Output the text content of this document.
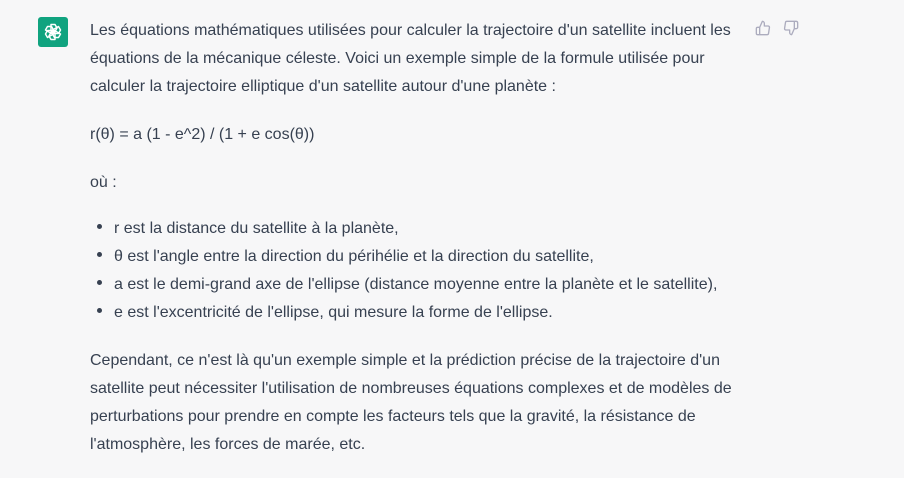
Les équations mathématiques utilisées pour calculer la trajectoire d'un satellite incluent les équations de la mécanique céleste. Voici un exemple simple de la formule utilisée pour calculer la trajectoire elliptique d'un satellite autour d'une planète :

r(θ) = a (1 - e^2) / (1 + e cos(θ))

où :

r est la distance du satellite à la planète,
θ est l'angle entre la direction du périhélie et la direction du satellite,
a est le demi-grand axe de l'ellipse (distance moyenne entre la planète et le satellite),
e est l'excentricité de l'ellipse, qui mesure la forme de l'ellipse.

Cependant, ce n'est là qu'un exemple simple et la prédiction précise de la trajectoire d'un satellite peut nécessiter l'utilisation de nombreuses équations complexes et de modèles de perturbations pour prendre en compte les facteurs tels que la gravité, la résistance de l'atmosphère, les forces de marée, etc.
